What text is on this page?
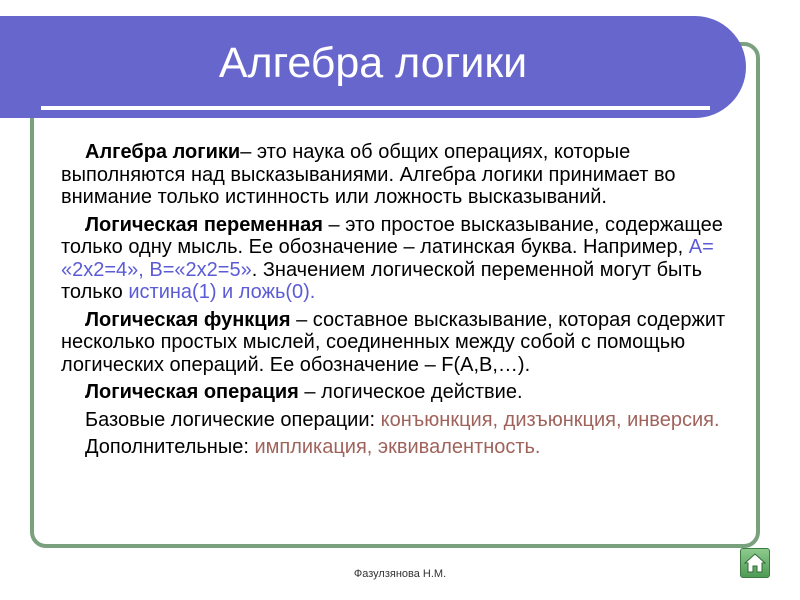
Алгебра логики

Алгебра логики– это наука об общих операциях, которые выполняются над высказываниями. Алгебра логики принимает во внимание только истинность или ложность высказываний.

Логическая переменная – это простое высказывание, содержащее только одну мысль. Ее обозначение – латинская буква. Например, А= «2х2=4», В=«2х2=5». Значением логической переменной могут быть только истина(1) и ложь(0).

Логическая функция – составное высказывание, которая содержит несколько простых мыслей, соединенных между собой с помощью логических операций. Ее обозначение – F(A,B,…).

Логическая операция – логическое действие.

Базовые логические операции: конъюнкция, дизъюнкция, инверсия.

Дополнительные: импликация, эквивалентность.

Фазулзянова Н.М.
